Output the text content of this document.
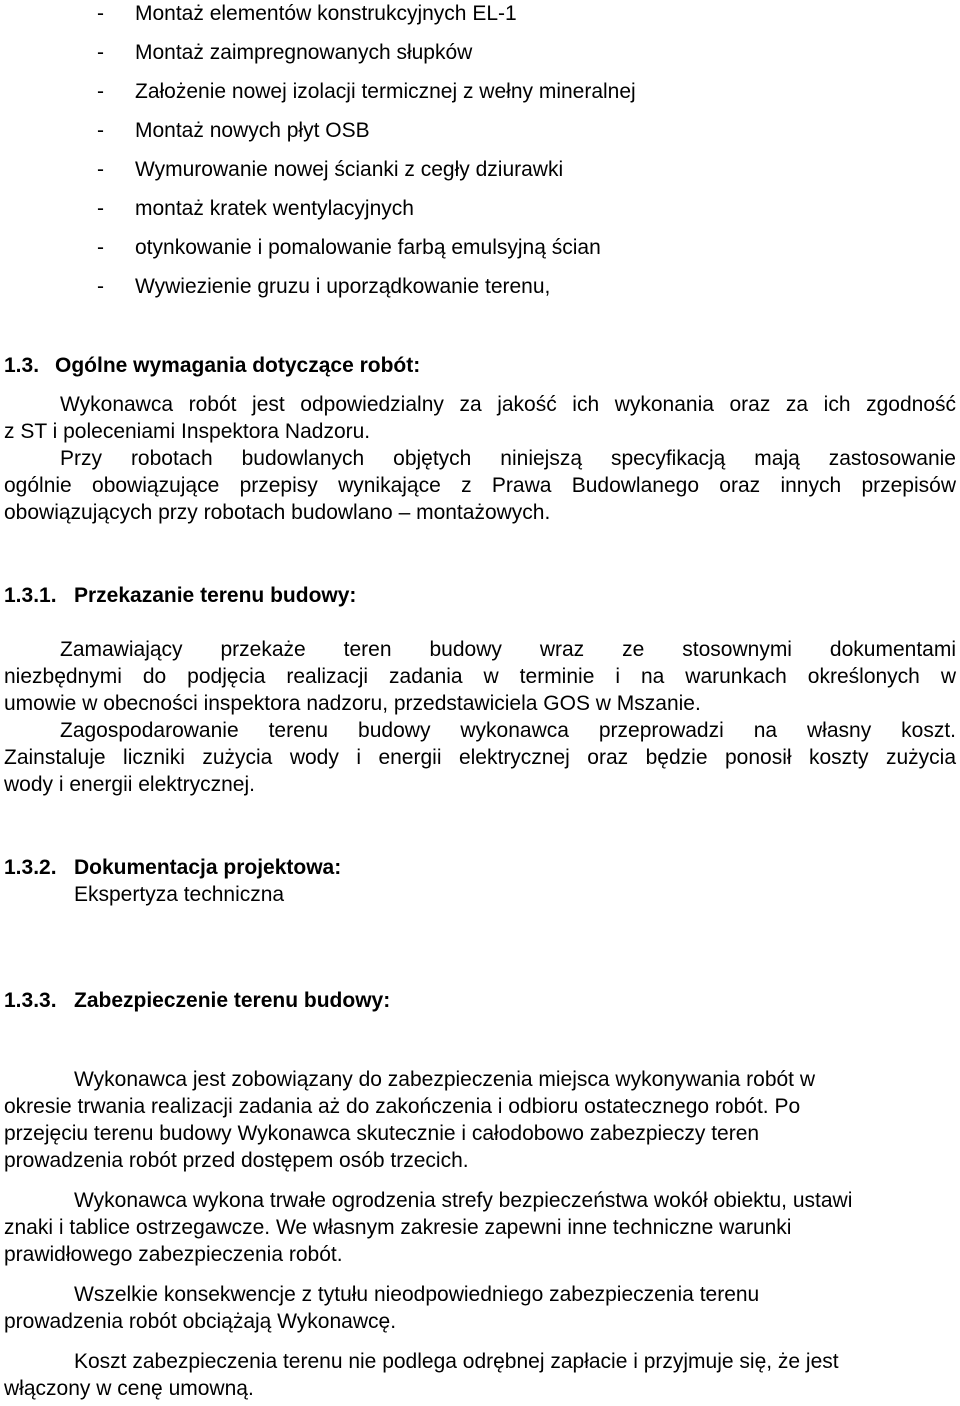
- Montaż elementów konstrukcyjnych EL-1
- Montaż zaimpregnowanych słupków
- Założenie nowej izolacji termicznej z wełny mineralnej
- Montaż nowych płyt OSB
- Wymurowanie nowej ścianki z cegły dziurawki
- montaż kratek wentylacyjnych
- otynkowanie i pomalowanie farbą emulsyjną ścian
- Wywiezienie gruzu i uporządkowanie terenu,
1.3. Ogólne wymagania dotyczące robót:
Wykonawca robót jest odpowiedzialny za jakość ich wykonania oraz za ich zgodność
z ST i poleceniami Inspektora Nadzoru.
Przy robotach budowlanych objętych niniejszą specyfikacją mają zastosowanie
ogólnie obowiązujące przepisy wynikające z Prawa Budowlanego oraz innych przepisów
obowiązujących przy robotach budowlano – montażowych.
1.3.1. Przekazanie terenu budowy:
Zamawiający przekaże teren budowy wraz ze stosownymi dokumentami
niezbędnymi do podjęcia realizacji zadania w terminie i na warunkach określonych w
umowie w obecności inspektora nadzoru, przedstawiciela GOS w Mszanie.
Zagospodarowanie terenu budowy wykonawca przeprowadzi na własny koszt.
Zainstaluje liczniki zużycia wody i energii elektrycznej oraz będzie ponosił koszty zużycia
wody i energii elektrycznej.
1.3.2. Dokumentacja projektowa:
Ekspertyza techniczna
1.3.3. Zabezpieczenie terenu budowy:
Wykonawca jest zobowiązany do zabezpieczenia miejsca wykonywania robót w
okresie trwania realizacji zadania aż do zakończenia i odbioru ostatecznego robót. Po
przejęciu terenu budowy Wykonawca skutecznie i całodobowo zabezpieczy teren
prowadzenia robót przed dostępem osób trzecich.
Wykonawca wykona trwałe ogrodzenia strefy bezpieczeństwa wokół obiektu, ustawi
znaki i tablice ostrzegawcze. We własnym zakresie zapewni inne techniczne warunki
prawidłowego zabezpieczenia robót.
Wszelkie konsekwencje z tytułu nieodpowiedniego zabezpieczenia terenu
prowadzenia robót obciążają Wykonawcę.
Koszt zabezpieczenia terenu nie podlega odrębnej zapłacie i przyjmuje się, że jest
włączony w cenę umowną.
